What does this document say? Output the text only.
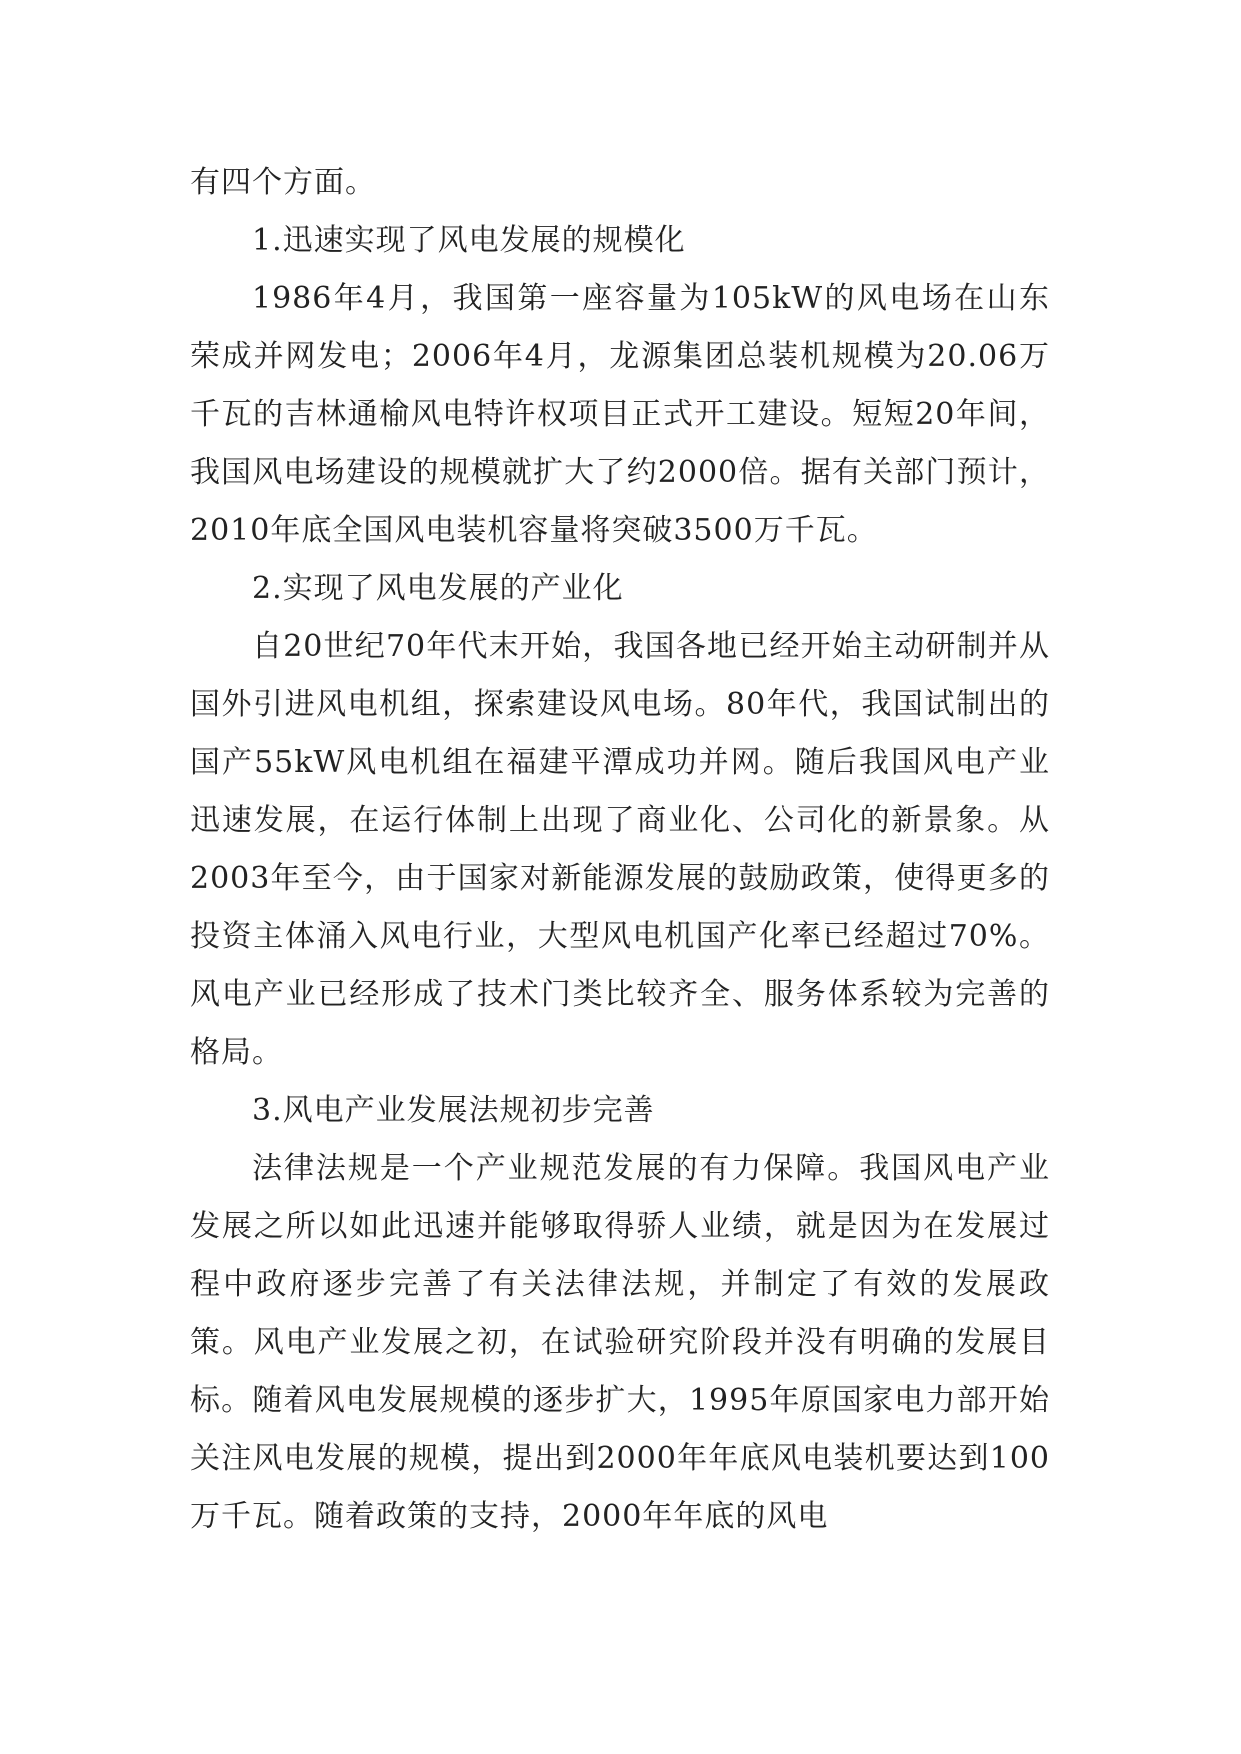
有四个方面。

1.迅速实现了风电发展的规模化

1986年4月，我国第一座容量为105kW的风电场在山东荣成并网发电；2006年4月，龙源集团总装机规模为20.06万千瓦的吉林通榆风电特许权项目正式开工建设。短短20年间，我国风电场建设的规模就扩大了约2000倍。据有关部门预计，2010年底全国风电装机容量将突破3500万千瓦。

2.实现了风电发展的产业化

自20世纪70年代末开始，我国各地已经开始主动研制并从国外引进风电机组，探索建设风电场。80年代，我国试制出的国产55kW风电机组在福建平潭成功并网。随后我国风电产业迅速发展，在运行体制上出现了商业化、公司化的新景象。从2003年至今，由于国家对新能源发展的鼓励政策，使得更多的投资主体涌入风电行业，大型风电机国产化率已经超过70%。风电产业已经形成了技术门类比较齐全、服务体系较为完善的格局。

3.风电产业发展法规初步完善

法律法规是一个产业规范发展的有力保障。我国风电产业发展之所以如此迅速并能够取得骄人业绩，就是因为在发展过程中政府逐步完善了有关法律法规，并制定了有效的发展政策。风电产业发展之初，在试验研究阶段并没有明确的发展目标。随着风电发展规模的逐步扩大，1995年原国家电力部开始关注风电发展的规模，提出到2000年年底风电装机要达到100万千瓦。随着政策的支持，2000年年底的风电
